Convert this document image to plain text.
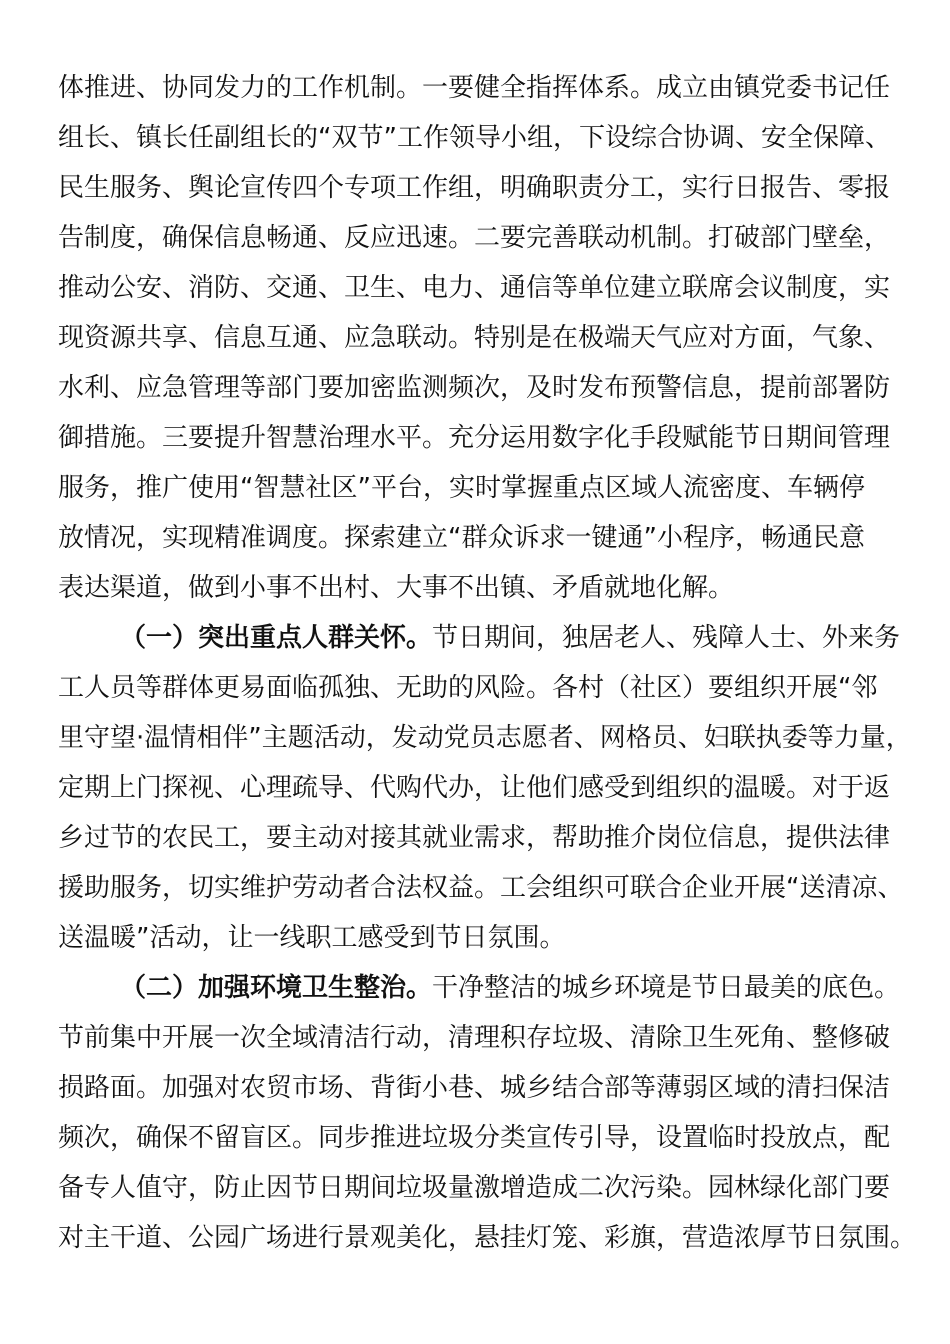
体推进、协同发力的工作机制。一要健全指挥体系。成立由镇党委书记任
组长、镇长任副组长的“双节”工作领导小组，下设综合协调、安全保障、
民生服务、舆论宣传四个专项工作组，明确职责分工，实行日报告、零报
告制度，确保信息畅通、反应迅速。二要完善联动机制。打破部门壁垒，
推动公安、消防、交通、卫生、电力、通信等单位建立联席会议制度，实
现资源共享、信息互通、应急联动。特别是在极端天气应对方面，气象、
水利、应急管理等部门要加密监测频次，及时发布预警信息，提前部署防
御措施。三要提升智慧治理水平。充分运用数字化手段赋能节日期间管理
服务，推广使用“智慧社区”平台，实时掌握重点区域人流密度、车辆停
放情况，实现精准调度。探索建立“群众诉求一键通”小程序，畅通民意
表达渠道，做到小事不出村、大事不出镇、矛盾就地化解。
（一）突出重点人群关怀。节日期间，独居老人、残障人士、外来务
工人员等群体更易面临孤独、无助的风险。各村（社区）要组织开展“邻
里守望·温情相伴”主题活动，发动党员志愿者、网格员、妇联执委等力量，
定期上门探视、心理疏导、代购代办，让他们感受到组织的温暖。对于返
乡过节的农民工，要主动对接其就业需求，帮助推介岗位信息，提供法律
援助服务，切实维护劳动者合法权益。工会组织可联合企业开展“送清凉、
送温暖”活动，让一线职工感受到节日氛围。
（二）加强环境卫生整治。干净整洁的城乡环境是节日最美的底色。
节前集中开展一次全域清洁行动，清理积存垃圾、清除卫生死角、整修破
损路面。加强对农贸市场、背街小巷、城乡结合部等薄弱区域的清扫保洁
频次，确保不留盲区。同步推进垃圾分类宣传引导，设置临时投放点，配
备专人值守，防止因节日期间垃圾量激增造成二次污染。园林绿化部门要
对主干道、公园广场进行景观美化，悬挂灯笼、彩旗，营造浓厚节日氛围。
